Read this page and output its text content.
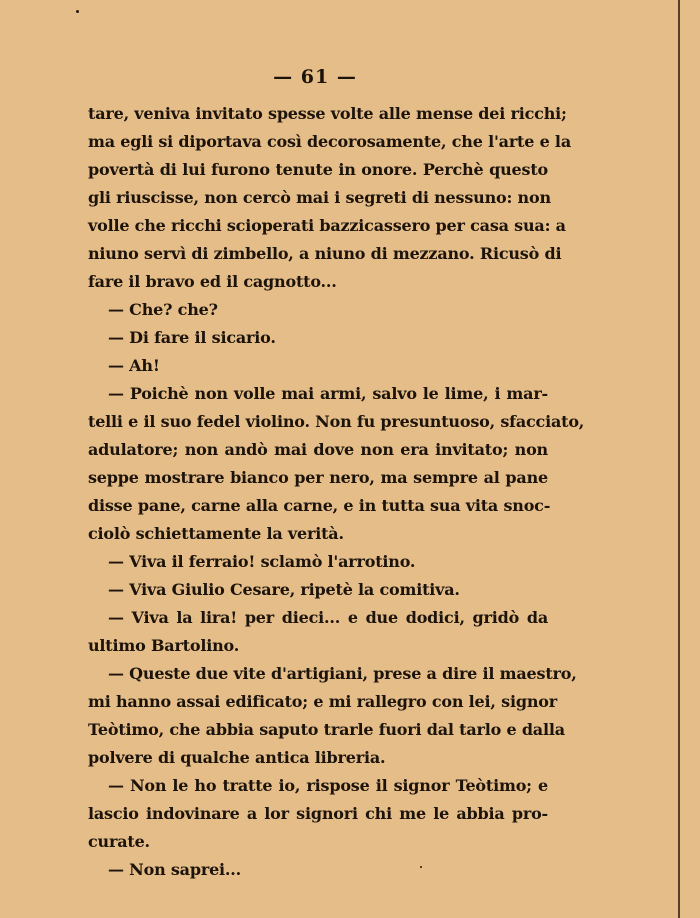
— 61 —
tare, veniva invitato spesse volte alle mense dei ricchi;
ma egli si diportava così decorosamente, che l'arte e la
povertà di lui furono tenute in onore. Perchè questo
gli riuscisse, non cercò mai i segreti di nessuno: non
volle che ricchi scioperati bazzicassero per casa sua: a
niuno servì di zimbello, a niuno di mezzano. Ricusò di
fare il bravo ed il cagnotto...
— Che? che?
— Di fare il sicario.
— Ah!
— Poichè non volle mai armi, salvo le lime, i mar-
telli e il suo fedel violino. Non fu presuntuoso, sfacciato,
adulatore; non andò mai dove non era invitato; non
seppe mostrare bianco per nero, ma sempre al pane
disse pane, carne alla carne, e in tutta sua vita snoc-
ciolò schiettamente la verità.
— Viva il ferraio! sclamò l'arrotino.
— Viva Giulio Cesare, ripetè la comitiva.
— Viva la lira! per dieci... e due dodici, gridò da
ultimo Bartolino.
— Queste due vite d'artigiani, prese a dire il maestro,
mi hanno assai edificato; e mi rallegro con lei, signor
Teòtimo, che abbia saputo trarle fuori dal tarlo e dalla
polvere di qualche antica libreria.
— Non le ho tratte io, rispose il signor Teòtimo; e
lascio indovinare a lor signori chi me le abbia pro-
curate.
— Non saprei...
